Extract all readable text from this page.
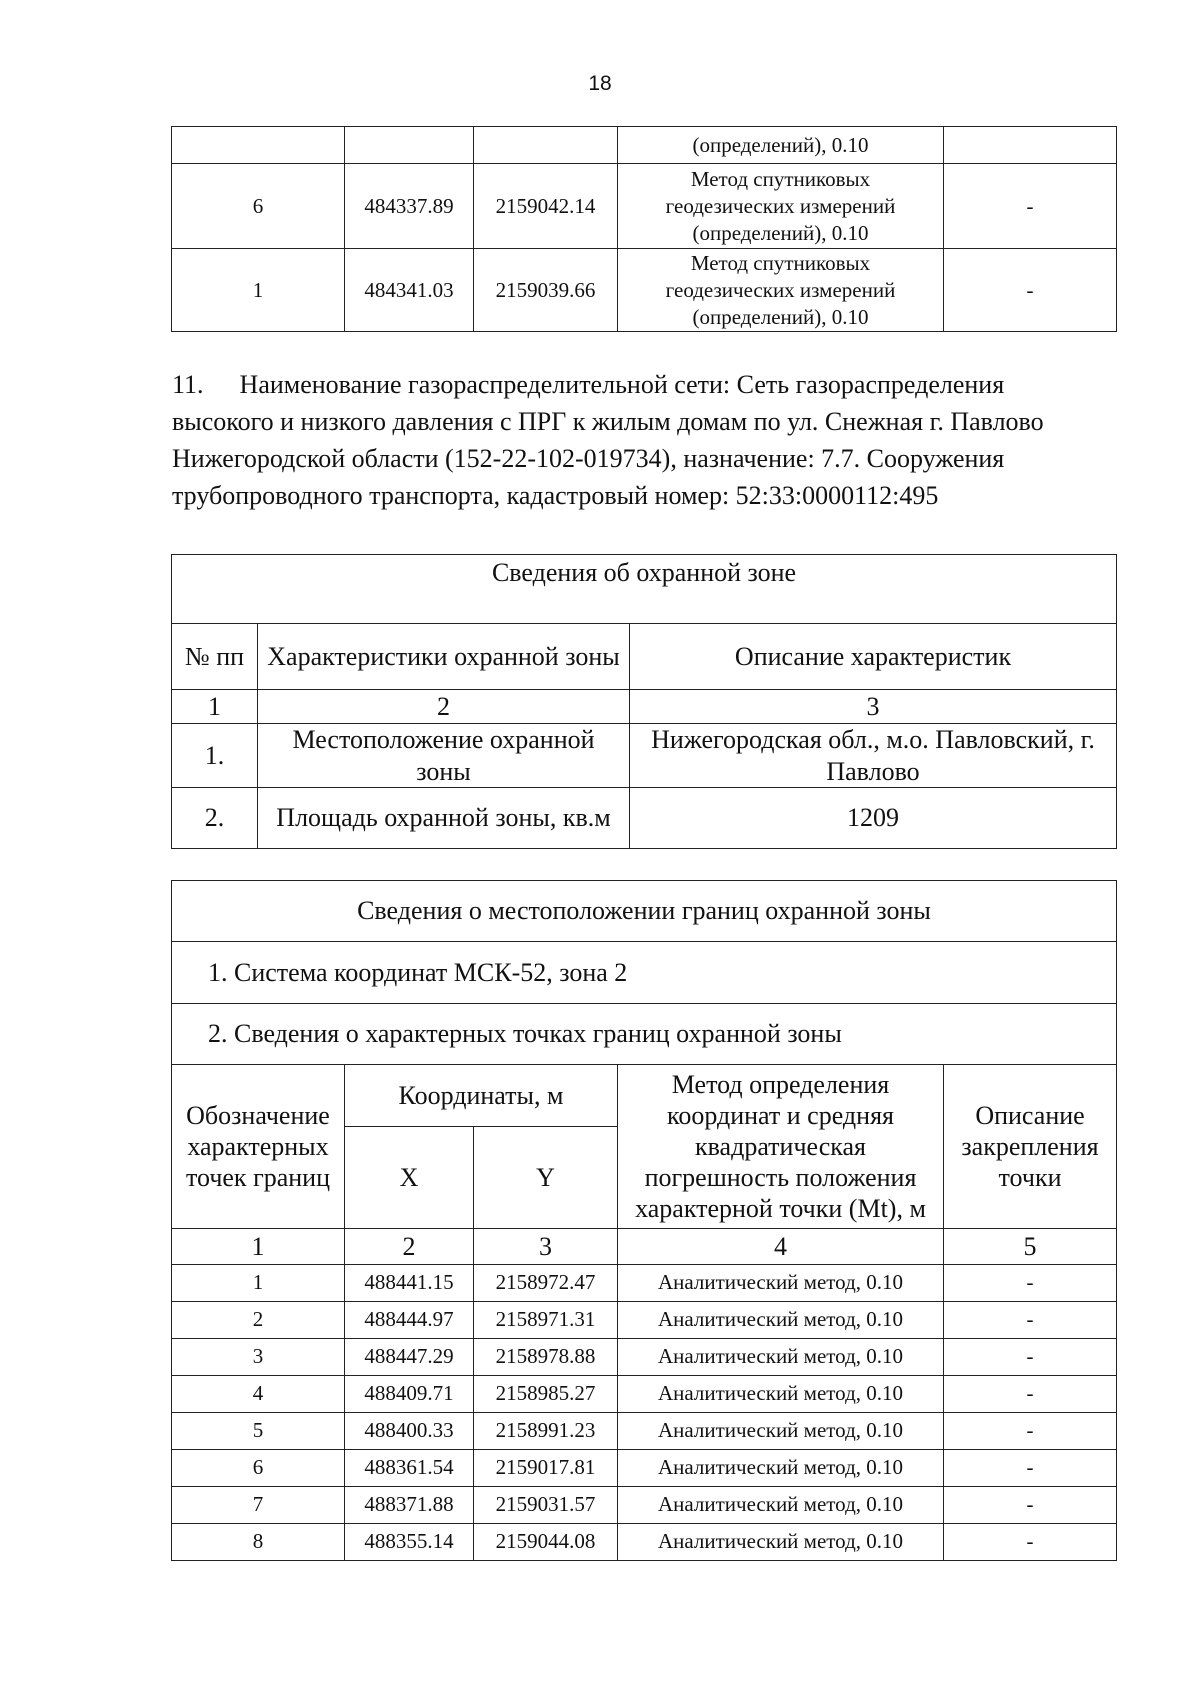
18
			(определений), 0.10	
6	484337.89	2159042.14	Метод спутниковых
геодезических измерений
(определений), 0.10	-
1	484341.03	2159039.66	Метод спутниковых
геодезических измерений
(определений), 0.10	-

11. Наименование газораспределительной сети: Сеть газораспределения

высокого и низкого давления с ПРГ к жилым домам по ул. Снежная г. Павлово

Нижегородской области (152-22-102-019734), назначение: 7.7. Сооружения

трубопроводного транспорта, кадастровый номер: 52:33:0000112:495

Сведения об охранной зоне		
№ пп	Характеристики охранной зоны	Описание характеристик
1	2	3
1.	Местоположение охранной зоны	Нижегородская обл., м.о. Павловский, г. Павлово
2.	Площадь охранной зоны, кв.м	1209
Сведения о местоположении границ охранной зоны				
1. Система координат МСК-52, зона 2				
2. Сведения о характерных точках границ охранной зоны				
Обозначение характерных точек границ	Координаты, м		Метод определения координат и средняя квадратическая погрешность положения характерной точки (Mt), м	Описание закрепления точки
	X	Y		
1	2	3	4	5
1	488441.15	2158972.47	Аналитический метод, 0.10	-
2	488444.97	2158971.31	Аналитический метод, 0.10	-
3	488447.29	2158978.88	Аналитический метод, 0.10	-
4	488409.71	2158985.27	Аналитический метод, 0.10	-
5	488400.33	2158991.23	Аналитический метод, 0.10	-
6	488361.54	2159017.81	Аналитический метод, 0.10	-
7	488371.88	2159031.57	Аналитический метод, 0.10	-
8	488355.14	2159044.08	Аналитический метод, 0.10	-
